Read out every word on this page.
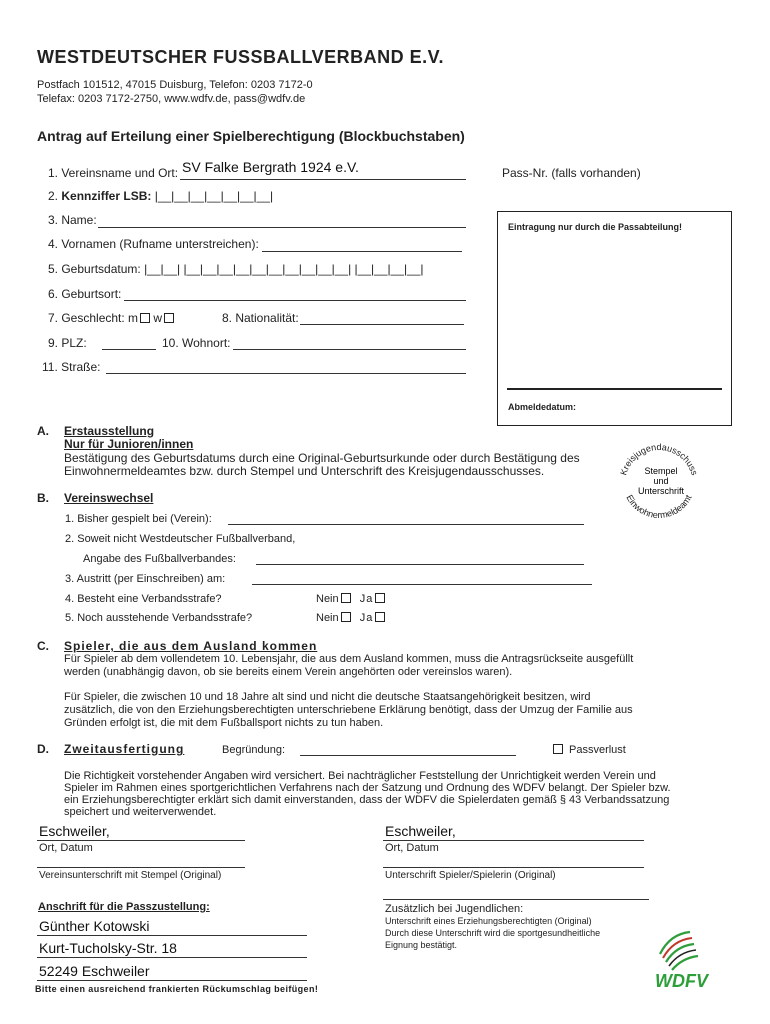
WESTDEUTSCHER FUSSBALLVERBAND E.V.
Postfach 101512, 47015 Duisburg, Telefon: 0203 7172-0
Telefax: 0203 7172-2750, www.wdfv.de, pass@wdfv.de
Antrag auf Erteilung einer Spielberechtigung (Blockbuchstaben)
1. Vereinsname und Ort: SV Falke Bergrath 1924 e.V.	Pass-Nr. (falls vorhanden)
2. Kennziffer LSB: |__|__|__|__|__|__|__|
3. Name:
4. Vornamen (Rufname unterstreichen):
5. Geburtsdatum: |__|__| |__|__|__|__|__|__|__|__|__|__| |__|__|__|__|
6. Geburtsort:
7. Geschlecht: m w	8. Nationalität:
9. PLZ:	10. Wohnort:
11. Straße:
Eintragung nur durch die Passabteilung!
Abmeldedatum:
A. Erstausstellung
Nur für Junioren/innen
Bestätigung des Geburtsdatums durch eine Original-Geburtsurkunde oder durch Bestätigung des
Einwohnermeldeamtes bzw. durch Stempel und Unterschrift des Kreisjugendausschusses.	Kreisjugendausschuss
Einwohnermeldeamt
Stempel
und
Unterschrift
B. Vereinswechsel
1. Bisher gespielt bei (Verein):
2. Soweit nicht Westdeutscher Fußballverband,
Angabe des Fußballverbandes:
3. Austritt (per Einschreiben) am:
4. Besteht eine Verbandsstrafe?	Nein Ja
5. Noch ausstehende Verbandsstrafe?	Nein Ja
C. Spieler, die aus dem Ausland kommen
Für Spieler ab dem vollendetem 10. Lebensjahr, die aus dem Ausland kommen, muss die Antragsrückseite ausgefüllt
werden (unabhängig davon, ob sie bereits einem Verein angehörten oder vereinslos waren).
Für Spieler, die zwischen 10 und 18 Jahre alt sind und nicht die deutsche Staatsangehörigkeit besitzen, wird
zusätzlich, die von den Erziehungsberechtigten unterschriebene Erklärung benötigt, dass der Umzug der Familie aus
Gründen erfolgt ist, die mit dem Fußballsport nichts zu tun haben.
D. Zweitausfertigung	Begründung:	Passverlust
Die Richtigkeit vorstehender Angaben wird versichert. Bei nachträglicher Feststellung der Unrichtigkeit werden Verein und
Spieler im Rahmen eines sportgerichtlichen Verfahrens nach der Satzung und Ordnung des WDFV belangt. Der Spieler bzw.
ein Erziehungsberechtigter erklärt sich damit einverstanden, dass der WDFV die Spielerdaten gemäß § 43 Verbandssatzung
speichert und weiterverwendet.
Eschweiler,
Ort, Datum
Eschweiler,
Ort, Datum
Vereinsunterschrift mit Stempel (Original)	Unterschrift Spieler/Spielerin (Original)
Anschrift für die Passzustellung:
Günther Kotowski
Kurt-Tucholsky-Str. 18
52249 Eschweiler
Bitte einen ausreichend frankierten Rückumschlag beifügen!
Zusätzlich bei Jugendlichen:
Unterschrift eines Erziehungsberechtigten (Original)
Durch diese Unterschrift wird die sportgesundheitliche
Eignung bestätigt.
WDFV
